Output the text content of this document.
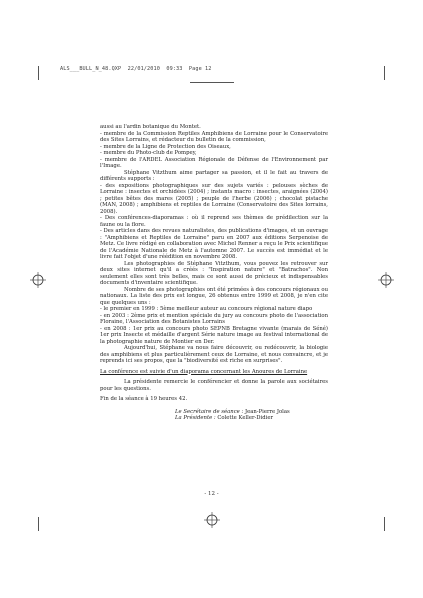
ALS___BULL_N_48.QXP  22/01/2010  09:33  Page 12

aussi au l'ardin botanique du Montet.

- membre de la Commission Reptiles Amphibiens de Lorraine pour le Conservatoire des Sites Lorrains, et rédacteur du bulletin de la commission,

- membre de la Ligne de Protection des Oiseaux,

- membre du Photo-club de Pompey,

- membre de l'ARDEL Association Régionale de Défense de l'Environnement par l'Image.

Stéphane Vitzthum aime partager sa passion, et il le fait au travers de différents supports :

- des expositions photographiques sur des sujets variés : pelouses sèches de Lorraine : insectes et orchidées (2004) ; instants macro : insectes, araignées (2004) ; petites bêtes des mares (2005) ; peuple de l'herbe (2006) ; chocolat pistache (MAN, 2008) ; amphibiens et reptiles de Lorraine (Conservatoire des Sites lorrains, 2008).

- Des conférences-diaporamas : où il reprend ses thèmes de prédilection sur la faune ou la flore.

- Des articles dans des revues naturalistes, des publications d'images, et un ouvrage : "Amphibiens et Reptiles de Lorraine" paru en 2007 aux éditions Serpenoise de Metz. Ce livre rédigé en collaboration avec Michel Renner a reçu le Prix scientifique de l'Académie Nationale de Metz à l'automne 2007. Le succès est immédiat et le livre fait l'objet d'une réédition en novembre 2008.

Les photographies de Stéphane Vitzthum, vous pouvez les retrouver sur deux sites internet qu'il a créés : "Inspiration nature" et "Batrachos". Non seulement elles sont très belles, mais ce sont aussi de précieux et indispensables documents d'inventaire scientifique.

Nombre de ses photographies ont été primées à des concours régionaux ou nationaux. La liste des prix est longue, 26 obtenus entre 1999 et 2008, je n'en cite que quelques uns :

- le premier en 1999 : 5ème meilleur auteur au concours régional nature diapo

- en 2003 : 2ème prix et mention spéciale du jury au concours photo de l'association Floraine, l'Association des Botanistes Lorrains

- en 2008 : 1er prix au concours photo SEPNB Bretagne vivante (marais de Séné) 1er prix Insecte et médaille d'argent Série nature image au festival international de la photographie nature de Montier en Der.

Aujourd'hui, Stéphane va nous faire découvrir, ou redécouvrir, la biologie des amphibiens et plus particulièrement ceux de Lorraine, et nous convaincre, et je reprends ici ses propos, que la "biodiversité est riche en surprises".

La conférence est suivie d'un diaporama concernant les Anoures de Lorraine

La présidente remercie le conférencier et donne la parole aux sociétaires pour les questions.

Fin de la séance à 19 heures 42.

Le Secrétaire de séance : Jean-Pierre Jolas
La Présidente : Colette Keller-Didier
- 12 -
